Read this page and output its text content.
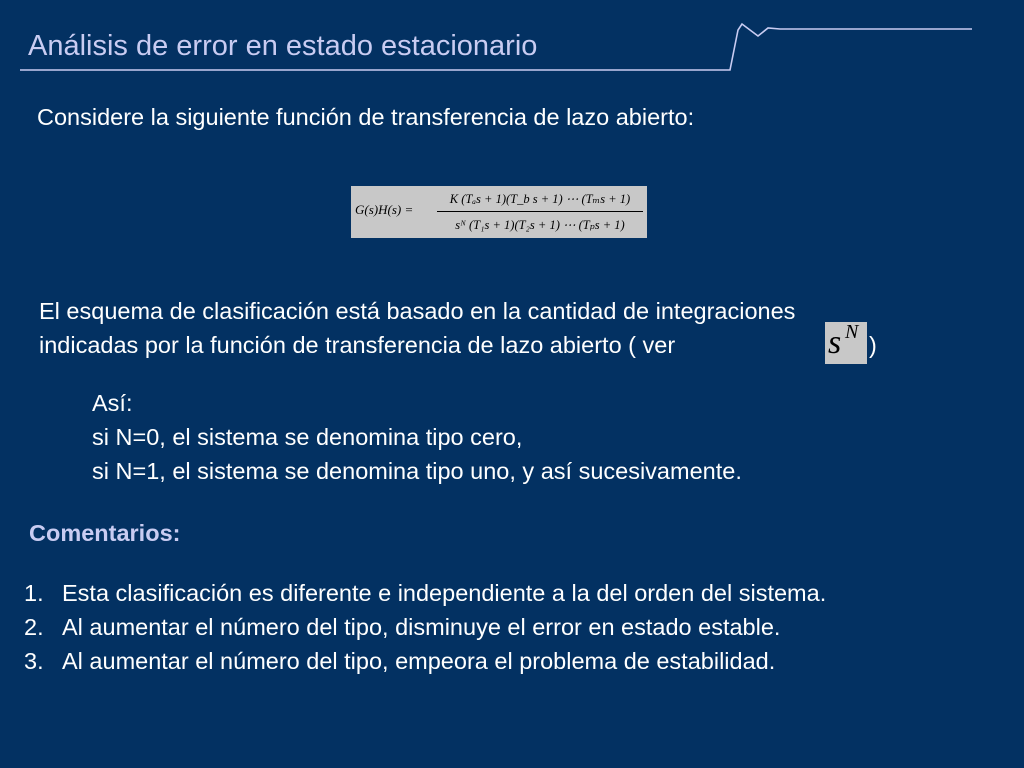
Análisis de error en estado estacionario
Considere la siguiente función de transferencia de lazo abierto:
G(s)H(s) =
K (Tₐs + 1)(T_b s + 1) ⋯ (Tₘs + 1)
sᴺ (T₁s + 1)(T₂s + 1) ⋯ (Tₚs + 1)
El esquema de clasificación está basado en la cantidad de integraciones
indicadas por la función de transferencia de lazo abierto ( ver	s N )
Así:
si N=0, el sistema se denomina tipo cero,
si N=1, el sistema se denomina tipo uno, y así sucesivamente.
Comentarios:
1. Esta clasificación es diferente e independiente a la del orden del sistema.
2. Al aumentar el número del tipo, disminuye el error en estado estable.
3. Al aumentar el número del tipo, empeora el problema de estabilidad.
